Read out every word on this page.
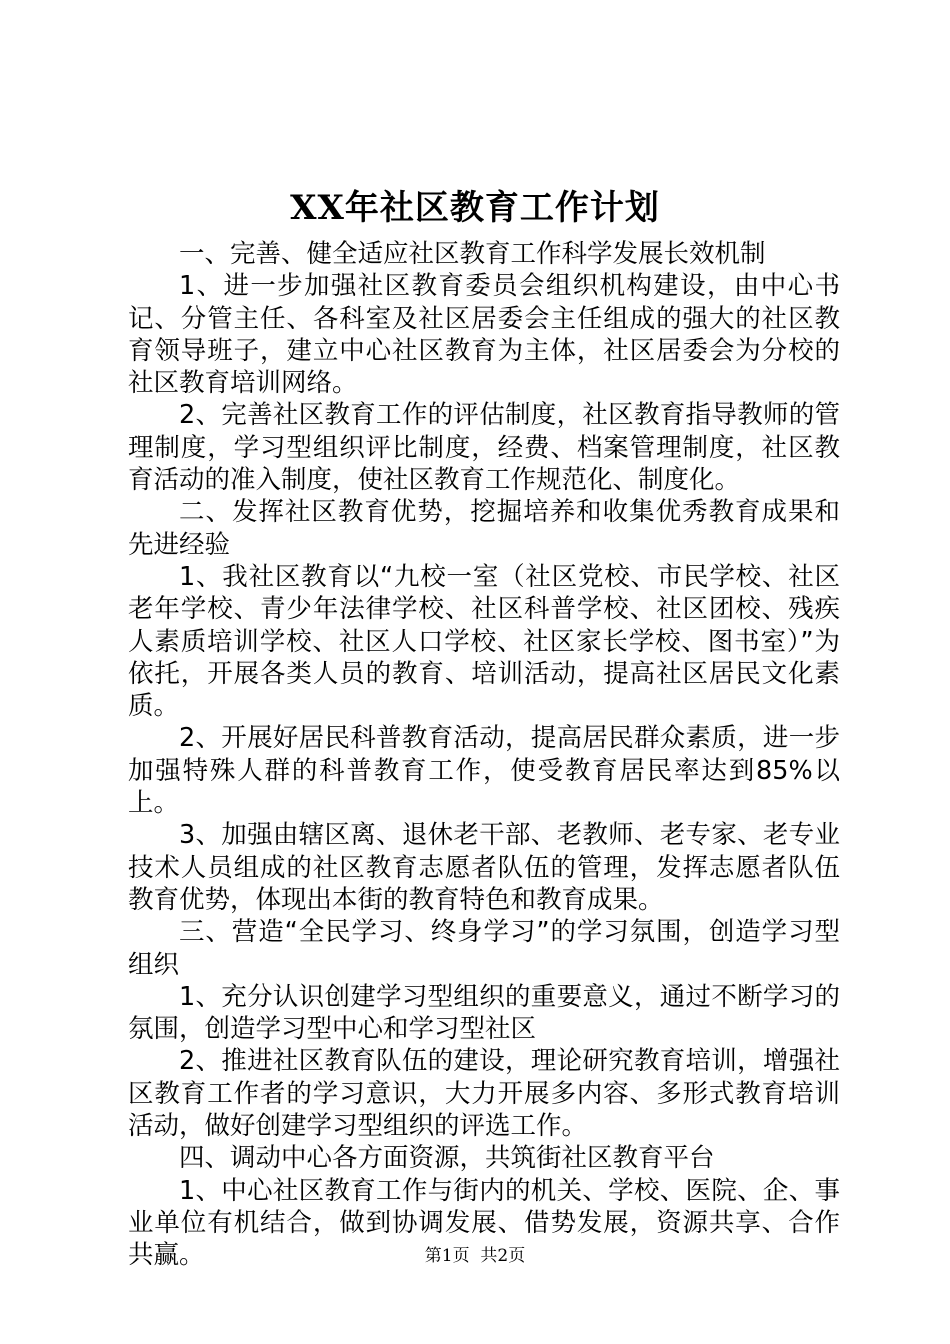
XX年社区教育工作计划

一、完善、健全适应社区教育工作科学发展长效机制

1、进一步加强社区教育委员会组织机构建设，由中心书记、分管主任、各科室及社区居委会主任组成的强大的社区教育领导班子，建立中心社区教育为主体，社区居委会为分校的社区教育培训网络。

2、完善社区教育工作的评估制度，社区教育指导教师的管理制度，学习型组织评比制度，经费、档案管理制度，社区教育活动的准入制度，使社区教育工作规范化、制度化。

二、发挥社区教育优势，挖掘培养和收集优秀教育成果和先进经验

1、我社区教育以“九校一室（社区党校、市民学校、社区老年学校、青少年法律学校、社区科普学校、社区团校、残疾人素质培训学校、社区人口学校、社区家长学校、图书室）”为依托，开展各类人员的教育、培训活动，提高社区居民文化素质。

2、开展好居民科普教育活动，提高居民群众素质，进一步加强特殊人群的科普教育工作，使受教育居民率达到85%以上。

3、加强由辖区离、退休老干部、老教师、老专家、老专业技术人员组成的社区教育志愿者队伍的管理，发挥志愿者队伍教育优势，体现出本街的教育特色和教育成果。

三、营造“全民学习、终身学习”的学习氛围，创造学习型组织

1、充分认识创建学习型组织的重要意义，通过不断学习的氛围，创造学习型中心和学习型社区

2、推进社区教育队伍的建设，理论研究教育培训，增强社区教育工作者的学习意识，大力开展多内容、多形式教育培训活动，做好创建学习型组织的评选工作。

四、调动中心各方面资源，共筑街社区教育平台

1、中心社区教育工作与街内的机关、学校、医院、企、事业单位有机结合，做到协调发展、借势发展，资源共享、合作共赢。	第1页 共2页
